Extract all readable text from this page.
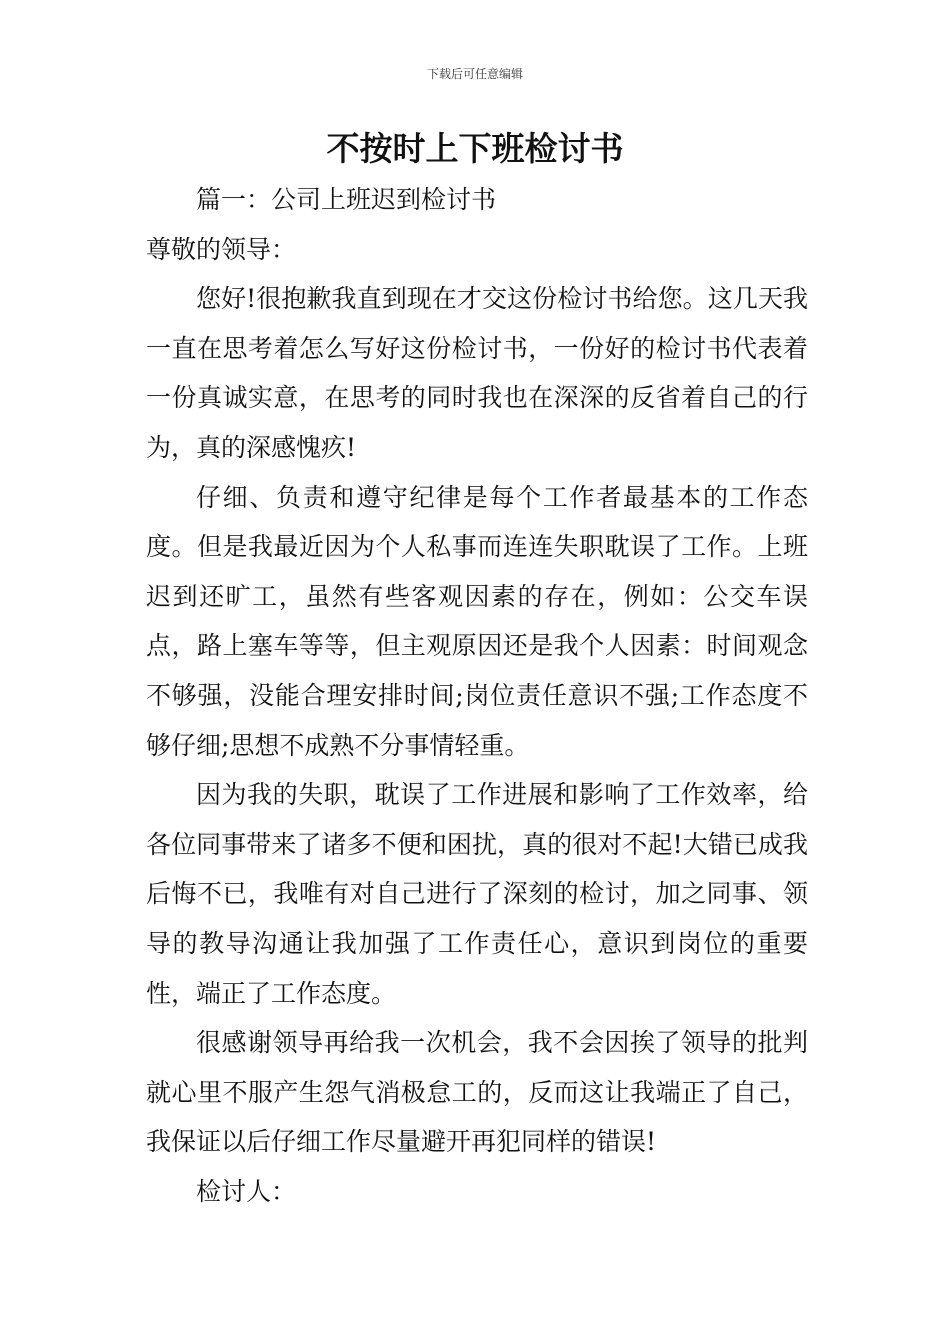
下载后可任意编辑
不按时上下班检讨书

篇一：公司上班迟到检讨书

尊敬的领导：

您好!很抱歉我直到现在才交这份检讨书给您。这几天我一直在思考着怎么写好这份检讨书，一份好的检讨书代表着一份真诚实意，在思考的同时我也在深深的反省着自己的行为，真的深感愧疚!

仔细、负责和遵守纪律是每个工作者最基本的工作态度。但是我最近因为个人私事而连连失职耽误了工作。上班迟到还旷工，虽然有些客观因素的存在，例如：公交车误点，路上塞车等等，但主观原因还是我个人因素：时间观念不够强，没能合理安排时间;岗位责任意识不强;工作态度不够仔细;思想不成熟不分事情轻重。

因为我的失职，耽误了工作进展和影响了工作效率，给各位同事带来了诸多不便和困扰，真的很对不起!大错已成我后悔不已，我唯有对自己进行了深刻的检讨，加之同事、领导的教导沟通让我加强了工作责任心，意识到岗位的重要性，端正了工作态度。

很感谢领导再给我一次机会，我不会因挨了领导的批判就心里不服产生怨气消极怠工的，反而这让我端正了自己，我保证以后仔细工作尽量避开再犯同样的错误!

检讨人：
